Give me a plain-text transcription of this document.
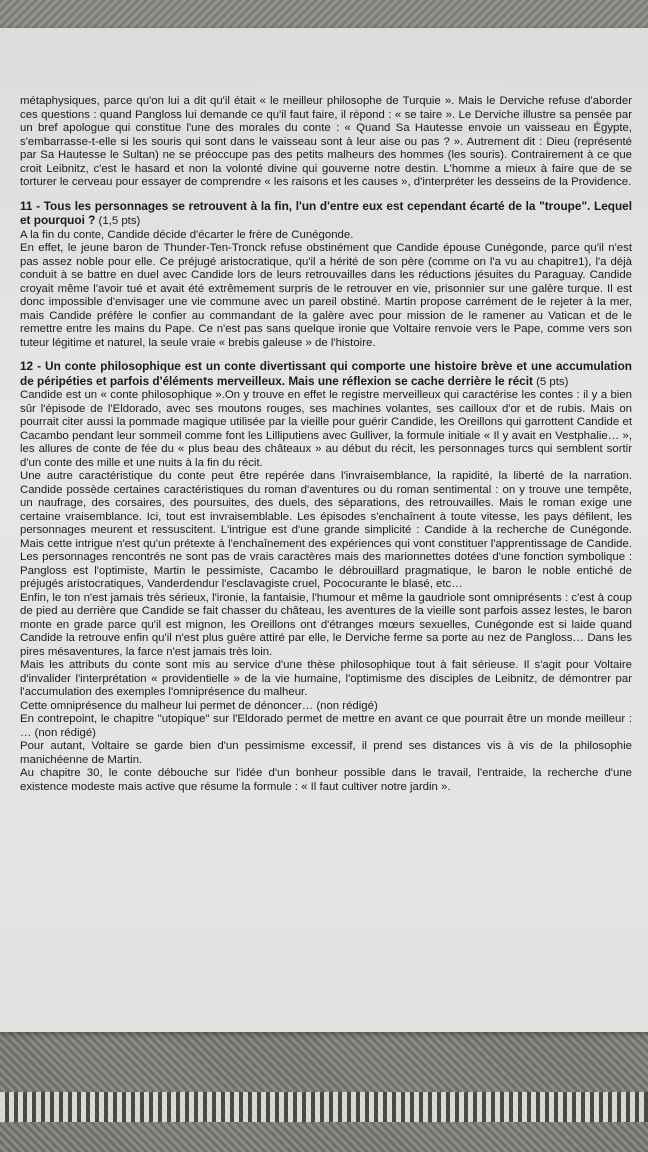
métaphysiques, parce qu'on lui a dit qu'il était « le meilleur philosophe de Turquie ». Mais le Derviche refuse d'aborder ces questions : quand Pangloss lui demande ce qu'il faut faire, il répond : « se taire ». Le Derviche illustre sa pensée par un bref apologue qui constitue l'une des morales du conte : « Quand Sa Hautesse envoie un vaisseau en Égypte, s'embarrasse-t-elle si les souris qui sont dans le vaisseau sont à leur aise ou pas ? ». Autrement dit : Dieu (représenté par Sa Hautesse le Sultan) ne se préoccupe pas des petits malheurs des hommes (les souris). Contrairement à ce que croit Leibnitz, c'est le hasard et non la volonté divine qui gouverne notre destin. L'homme a mieux à faire que de se torturer le cerveau pour essayer de comprendre « les raisons et les causes », d'interpréter les desseins de la Providence.

11 - Tous les personnages se retrouvent à la fin, l'un d'entre eux est cependant écarté de la "troupe". Lequel et pourquoi ? (1,5 pts)

A la fin du conte, Candide décide d'écarter le frère de Cunégonde.

En effet, le jeune baron de Thunder-Ten-Tronck refuse obstinément que Candide épouse Cunégonde, parce qu'il n'est pas assez noble pour elle. Ce préjugé aristocratique, qu'il a hérité de son père (comme on l'a vu au chapitre1), l'a déjà conduit à se battre en duel avec Candide lors de leurs retrouvailles dans les réductions jésuites du Paraguay. Candide croyait même l'avoir tué et avait été extrêmement surpris de le retrouver en vie, prisonnier sur une galère turque. Il est donc impossible d'envisager une vie commune avec un pareil obstiné. Martin propose carrément de le rejeter à la mer, mais Candide préfère le confier au commandant de la galère avec pour mission de le ramener au Vatican et de le remettre entre les mains du Pape. Ce n'est pas sans quelque ironie que Voltaire renvoie vers le Pape, comme vers son tuteur légitime et naturel, la seule vraie « brebis galeuse » de l'histoire.

12 - Un conte philosophique est un conte divertissant qui comporte une histoire brève et une accumulation de péripéties et parfois d'éléments merveilleux. Mais une réflexion se cache derrière le récit (5 pts)

Candide est un « conte philosophique ».On y trouve en effet le registre merveilleux qui caractérise les contes : il y a bien sûr l'épisode de l'Eldorado, avec ses moutons rouges, ses machines volantes, ses cailloux d'or et de rubis. Mais on pourrait citer aussi la pommade magique utilisée par la vieille pour guérir Candide, les Oreillons qui garrottent Candide et Cacambo pendant leur sommeil comme font les Lilliputiens avec Gulliver, la formule initiale « Il y avait en Vestphalie… », les allures de conte de fée du « plus beau des châteaux » au début du récit, les personnages turcs qui semblent sortir d'un conte des mille et une nuits à la fin du récit.

Une autre caractéristique du conte peut être repérée dans l'invraisemblance, la rapidité, la liberté de la narration. Candide possède certaines caractéristiques du roman d'aventures ou du roman sentimental : on y trouve une tempête, un naufrage, des corsaires, des poursuites, des duels, des séparations, des retrouvailles. Mais le roman exige une certaine vraisemblance. Ici, tout est invraisemblable. Les épisodes s'enchaînent à toute vitesse, les pays défilent, les personnages meurent et ressuscitent. L'intrigue est d'une grande simplicité : Candide à la recherche de Cunégonde. Mais cette intrigue n'est qu'un prétexte à l'enchaînement des expériences qui vont constituer l'apprentissage de Candide. Les personnages rencontrés ne sont pas de vrais caractères mais des marionnettes dotées d'une fonction symbolique : Pangloss est l'optimiste, Martin le pessimiste, Cacambo le débrouillard pragmatique, le baron le noble entiché de préjugés aristocratiques, Vanderdendur l'esclavagiste cruel, Pococurante le blasé, etc…

Enfin, le ton n'est jamais très sérieux, l'ironie, la fantaisie, l'humour et même la gaudriole sont omniprésents : c'est à coup de pied au derrière que Candide se fait chasser du château, les aventures de la vieille sont parfois assez lestes, le baron monte en grade parce qu'il est mignon, les Oreillons ont d'étranges mœurs sexuelles, Cunégonde est si laide quand Candide la retrouve enfin qu'il n'est plus guère attiré par elle, le Derviche ferme sa porte au nez de Pangloss… Dans les pires mésaventures, la farce n'est jamais très loin.

Mais les attributs du conte sont mis au service d'une thèse philosophique tout à fait sérieuse. Il s'agit pour Voltaire d'invalider l'interprétation « providentielle » de la vie humaine, l'optimisme des disciples de Leibnitz, de démontrer par l'accumulation des exemples l'omniprésence du malheur.

Cette omniprésence du malheur lui permet de dénoncer… (non rédigé)

En contrepoint, le chapitre "utopique" sur l'Eldorado permet de mettre en avant ce que pourrait être un monde meilleur : … (non rédigé)

Pour autant, Voltaire se garde bien d'un pessimisme excessif, il prend ses distances vis à vis de la philosophie manichéenne de Martin.

Au chapitre 30, le conte débouche sur l'idée d'un bonheur possible dans le travail, l'entraide, la recherche d'une existence modeste mais active que résume la formule : « Il faut cultiver notre jardin ».
